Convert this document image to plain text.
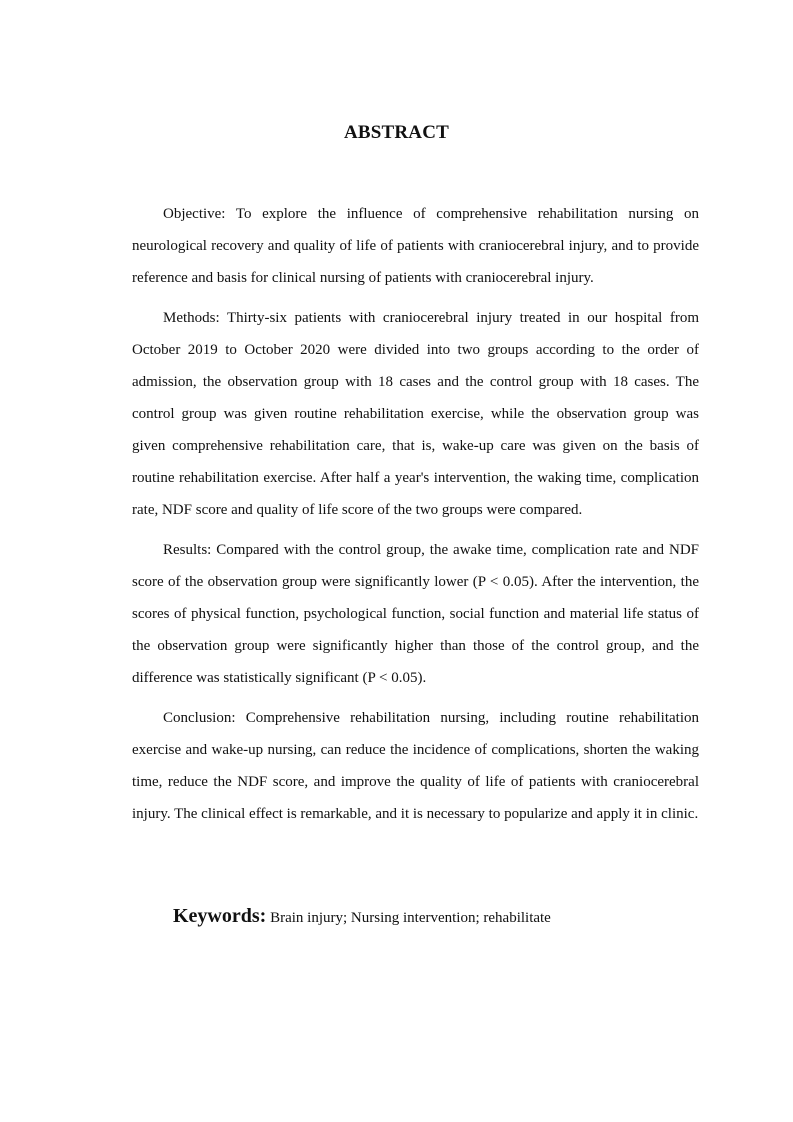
ABSTRACT

Objective: To explore the influence of comprehensive rehabilitation nursing on neurological recovery and quality of life of patients with craniocerebral injury, and to provide reference and basis for clinical nursing of patients with craniocerebral injury.

Methods: Thirty-six patients with craniocerebral injury treated in our hospital from October 2019 to October 2020 were divided into two groups according to the order of admission, the observation group with 18 cases and the control group with 18 cases. The control group was given routine rehabilitation exercise, while the observation group was given comprehensive rehabilitation care, that is, wake-up care was given on the basis of routine rehabilitation exercise. After half a year's intervention, the waking time, complication rate, NDF score and quality of life score of the two groups were compared.

Results: Compared with the control group, the awake time, complication rate and NDF score of the observation group were significantly lower (P < 0.05). After the intervention, the scores of physical function, psychological function, social function and material life status of the observation group were significantly higher than those of the control group, and the difference was statistically significant (P < 0.05).

Conclusion: Comprehensive rehabilitation nursing, including routine rehabilitation exercise and wake-up nursing, can reduce the incidence of complications, shorten the waking time, reduce the NDF score, and improve the quality of life of patients with craniocerebral injury. The clinical effect is remarkable, and it is necessary to popularize and apply it in clinic.

Keywords: Brain injury; Nursing intervention; rehabilitate
